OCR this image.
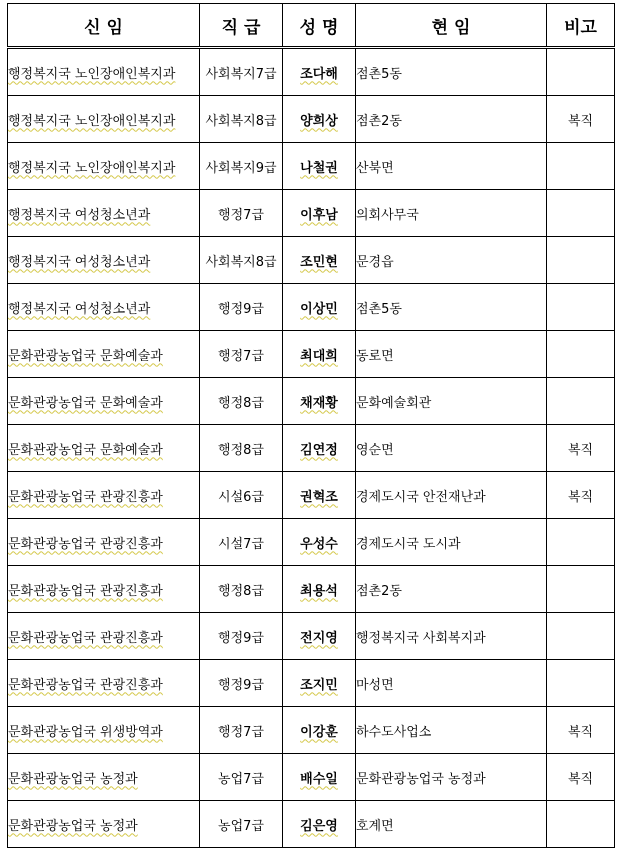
신 임	직 급	성 명	현 임	비고
행정복지국 노인장애인복지과	사회복지7급	조다해	점촌5동	
행정복지국 노인장애인복지과	사회복지8급	양희상	점촌2동	복직
행정복지국 노인장애인복지과	사회복지9급	나철권	산북면	
행정복지국 여성청소년과	행정7급	이후남	의회사무국	
행정복지국 여성청소년과	사회복지8급	조민현	문경읍	
행정복지국 여성청소년과	행정9급	이상민	점촌5동	
문화관광농업국 문화예술과	행정7급	최대희	동로면	
문화관광농업국 문화예술과	행정8급	채재황	문화예술회관	
문화관광농업국 문화예술과	행정8급	김연정	영순면	복직
문화관광농업국 관광진흥과	시설6급	권혁조	경제도시국 안전재난과	복직
문화관광농업국 관광진흥과	시설7급	우성수	경제도시국 도시과	
문화관광농업국 관광진흥과	행정8급	최용석	점촌2동	
문화관광농업국 관광진흥과	행정9급	전지영	행정복지국 사회복지과	
문화관광농업국 관광진흥과	행정9급	조지민	마성면	
문화관광농업국 위생방역과	행정7급	이강훈	하수도사업소	복직
문화관광농업국 농정과	농업7급	배수일	문화관광농업국 농정과	복직
문화관광농업국 농정과	농업7급	김은영	호계면	
